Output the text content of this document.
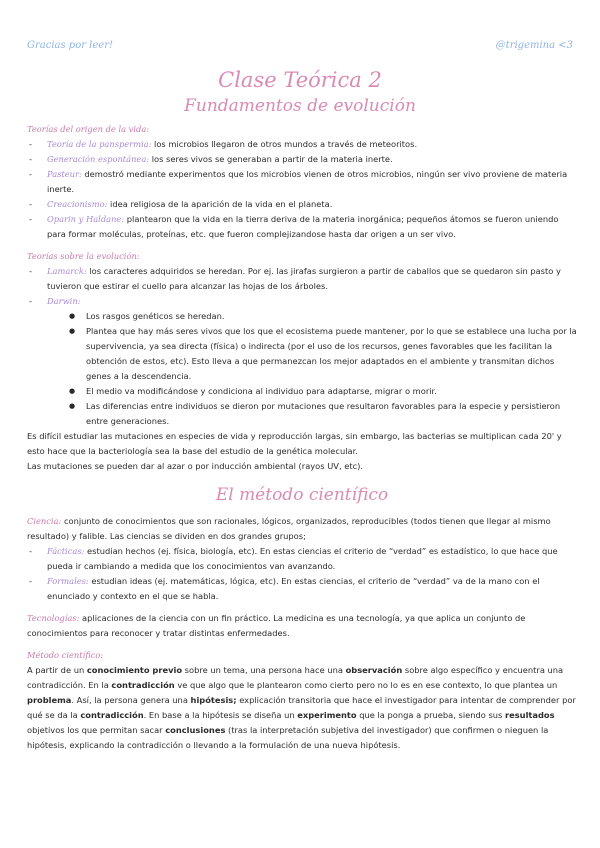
Gracias por leer!	@trigemina <3
Clase Teórica 2
Fundamentos de evolución
Teorías del origen de la vida:
- Teoría de la panspermia: los microbios llegaron de otros mundos a través de meteoritos.
- Generación espontánea: los seres vivos se generaban a partir de la materia inerte.
- Pasteur: demostró mediante experimentos que los microbios vienen de otros microbios, ningún ser vivo proviene de materia inerte.
- Creacionismo: idea religiosa de la aparición de la vida en el planeta.
- Oparin y Haldane: plantearon que la vida en la tierra deriva de la materia inorgánica; pequeños átomos se fueron uniendo para formar moléculas, proteínas, etc. que fueron complejizandose hasta dar origen a un ser vivo.
Teorías sobre la evolución:
- Lamarck: los caracteres adquiridos se heredan. Por ej. las jirafas surgieron a partir de caballos que se quedaron sin pasto y tuvieron que estirar el cuello para alcanzar las hojas de los árboles.
- Darwin:
● Los rasgos genéticos se heredan.
● Plantea que hay más seres vivos que los que el ecosistema puede mantener, por lo que se establece una lucha por la supervivencia, ya sea directa (física) o indirecta (por el uso de los recursos, genes favorables que les facilitan la obtención de estos, etc). Esto lleva a que permanezcan los mejor adaptados en el ambiente y transmitan dichos genes a la descendencia.
● El medio va modificándose y condiciona al individuo para adaptarse, migrar o morir.
● Las diferencias entre individuos se dieron por mutaciones que resultaron favorables para la especie y persistieron entre generaciones.
Es difícil estudiar las mutaciones en especies de vida y reproducción largas, sin embargo, las bacterias se multiplican cada 20' y esto hace que la bacteriología sea la base del estudio de la genética molecular.
Las mutaciones se pueden dar al azar o por inducción ambiental (rayos UV, etc).
El método científico
Ciencia: conjunto de conocimientos que son racionales, lógicos, organizados, reproducibles (todos tienen que llegar al mismo resultado) y falible. Las ciencias se dividen en dos grandes grupos;
- Fácticas: estudian hechos (ej. física, biología, etc). En estas ciencias el criterio de “verdad” es estadístico, lo que hace que pueda ir cambiando a medida que los conocimientos van avanzando.
- Formales: estudian ideas (ej. matemáticas, lógica, etc). En estas ciencias, el criterio de “verdad” va de la mano con el enunciado y contexto en el que se habla.
Tecnologías: aplicaciones de la ciencia con un fin práctico. La medicina es una tecnología, ya que aplica un conjunto de conocimientos para reconocer y tratar distintas enfermedades.
Método científico:
A partir de un conocimiento previo sobre un tema, una persona hace una observación sobre algo específico y encuentra una contradicción. En la contradicción ve que algo que le plantearon como cierto pero no lo es en ese contexto, lo que plantea un problema. Así, la persona genera una hipótesis; explicación transitoria que hace el investigador para intentar de comprender por qué se da la contradicción. En base a la hipótesis se diseña un experimento que la ponga a prueba, siendo sus resultados objetivos los que permitan sacar conclusiones (tras la interpretación subjetiva del investigador) que confirmen o nieguen la hipótesis, explicando la contradicción o llevando a la formulación de una nueva hipótesis.
